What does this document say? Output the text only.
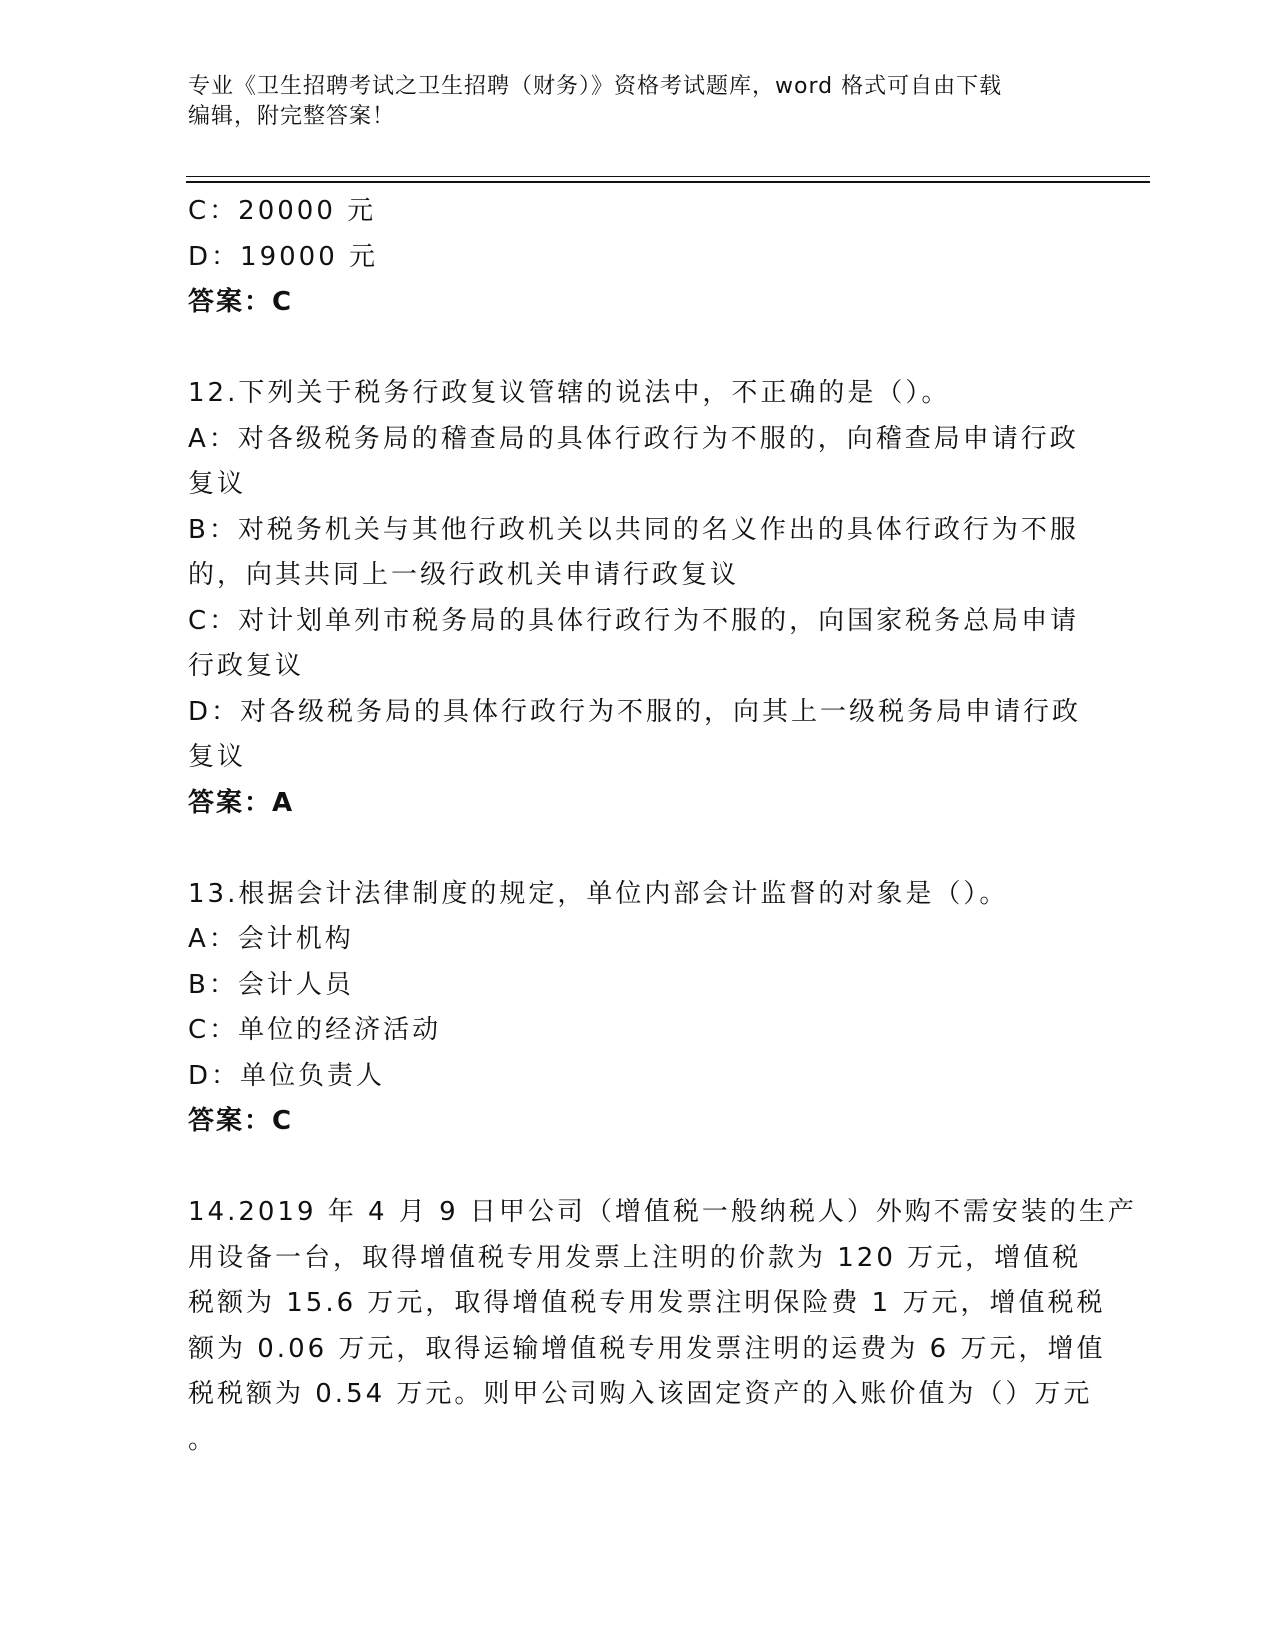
专业《卫生招聘考试之卫生招聘（财务）》资格考试题库，word 格式可自由下载
编辑，附完整答案！
C：20000 元
D：19000 元
答案：C
12.下列关于税务行政复议管辖的说法中，不正确的是（）。
A：对各级税务局的稽查局的具体行政行为不服的，向稽查局申请行政
复议
B：对税务机关与其他行政机关以共同的名义作出的具体行政行为不服
的，向其共同上一级行政机关申请行政复议
C：对计划单列市税务局的具体行政行为不服的，向国家税务总局申请
行政复议
D：对各级税务局的具体行政行为不服的，向其上一级税务局申请行政
复议
答案：A
13.根据会计法律制度的规定，单位内部会计监督的对象是（）。
A：会计机构
B：会计人员
C：单位的经济活动
D：单位负责人
答案：C
14.2019 年 4 月 9 日甲公司（增值税一般纳税人）外购不需安装的生产
用设备一台，取得增值税专用发票上注明的价款为 120 万元，增值税
税额为 15.6 万元，取得增值税专用发票注明保险费 1 万元，增值税税
额为 0.06 万元，取得运输增值税专用发票注明的运费为 6 万元，增值
税税额为 0.54 万元。则甲公司购入该固定资产的入账价值为（）万元
。
